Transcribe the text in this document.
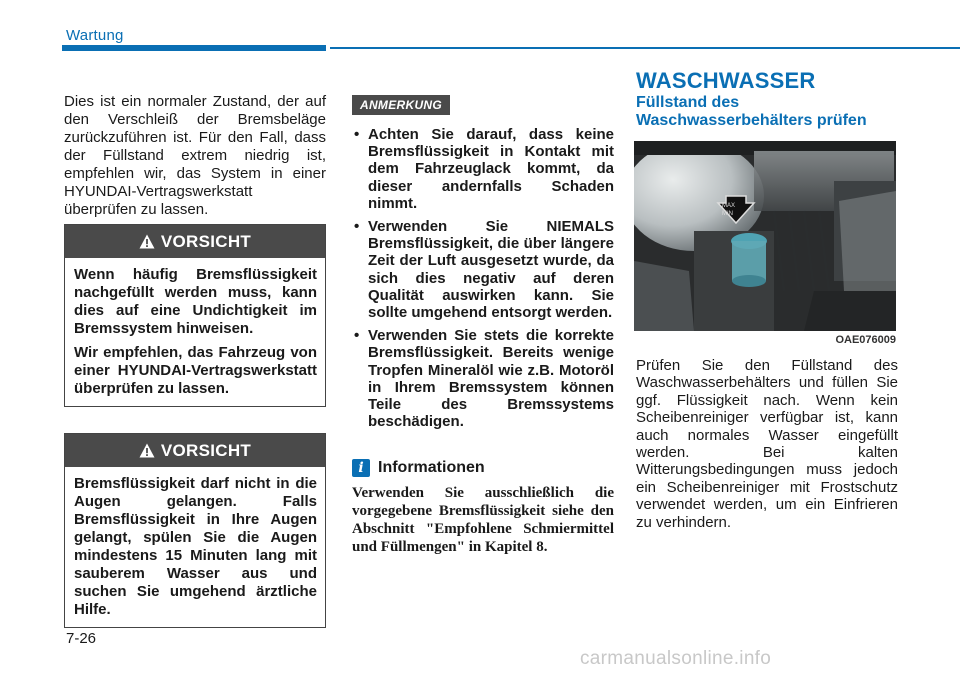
Wartung
Dies ist ein normaler Zustand, der auf den Verschleiß der Bremsbeläge zurückzuführen ist. Für den Fall, dass der Füllstand extrem niedrig ist, empfehlen wir, das System in einer HYUNDAI-Vertragswerkstatt überprüfen zu lassen.
VORSICHT

Wenn häufig Bremsflüssigkeit nachgefüllt werden muss, kann dies auf eine Undichtigkeit im Bremssystem hinweisen.

Wir empfehlen, das Fahrzeug von einer HYUNDAI-Vertragswerkstatt überprüfen zu lassen.

VORSICHT

Bremsflüssigkeit darf nicht in die Augen gelangen. Falls Bremsflüssigkeit in Ihre Augen gelangt, spülen Sie die Augen mindestens 15 Minuten lang mit sauberem Wasser aus und suchen Sie umgehend ärztliche Hilfe.

ANMERKUNG
• Achten Sie darauf, dass keine Bremsflüssigkeit in Kontakt mit dem Fahrzeuglack kommt, da dieser andernfalls Schaden nimmt.
• Verwenden Sie NIEMALS Bremsflüssigkeit, die über längere Zeit der Luft ausgesetzt wurde, da sich dies negativ auf deren Qualität auswirken kann. Sie sollte umgehend entsorgt werden.
• Verwenden Sie stets die korrekte Bremsflüssigkeit. Bereits wenige Tropfen Mineralöl wie z.B. Motoröl in Ihrem Bremssystem können Teile des Bremssystems beschädigen.
i Informationen
Verwenden Sie ausschließlich die vorgegebene Bremsflüssigkeit siehe den Abschnitt "Empfohlene Schmiermittel und Füllmengen" in Kapitel 8.
WASCHWASSER
Füllstand des
Waschwasserbehälters prüfen
MAX
MIN
OAE076009
Prüfen Sie den Füllstand des Waschwasserbehälters und füllen Sie ggf. Flüssigkeit nach. Wenn kein Scheibenreiniger verfügbar ist, kann auch normales Wasser eingefüllt werden. Bei kalten Witterungsbedingungen muss jedoch ein Scheibenreiniger mit Frostschutz verwendet werden, um ein Einfrieren zu verhindern.
7-26
carmanualsonline.info
